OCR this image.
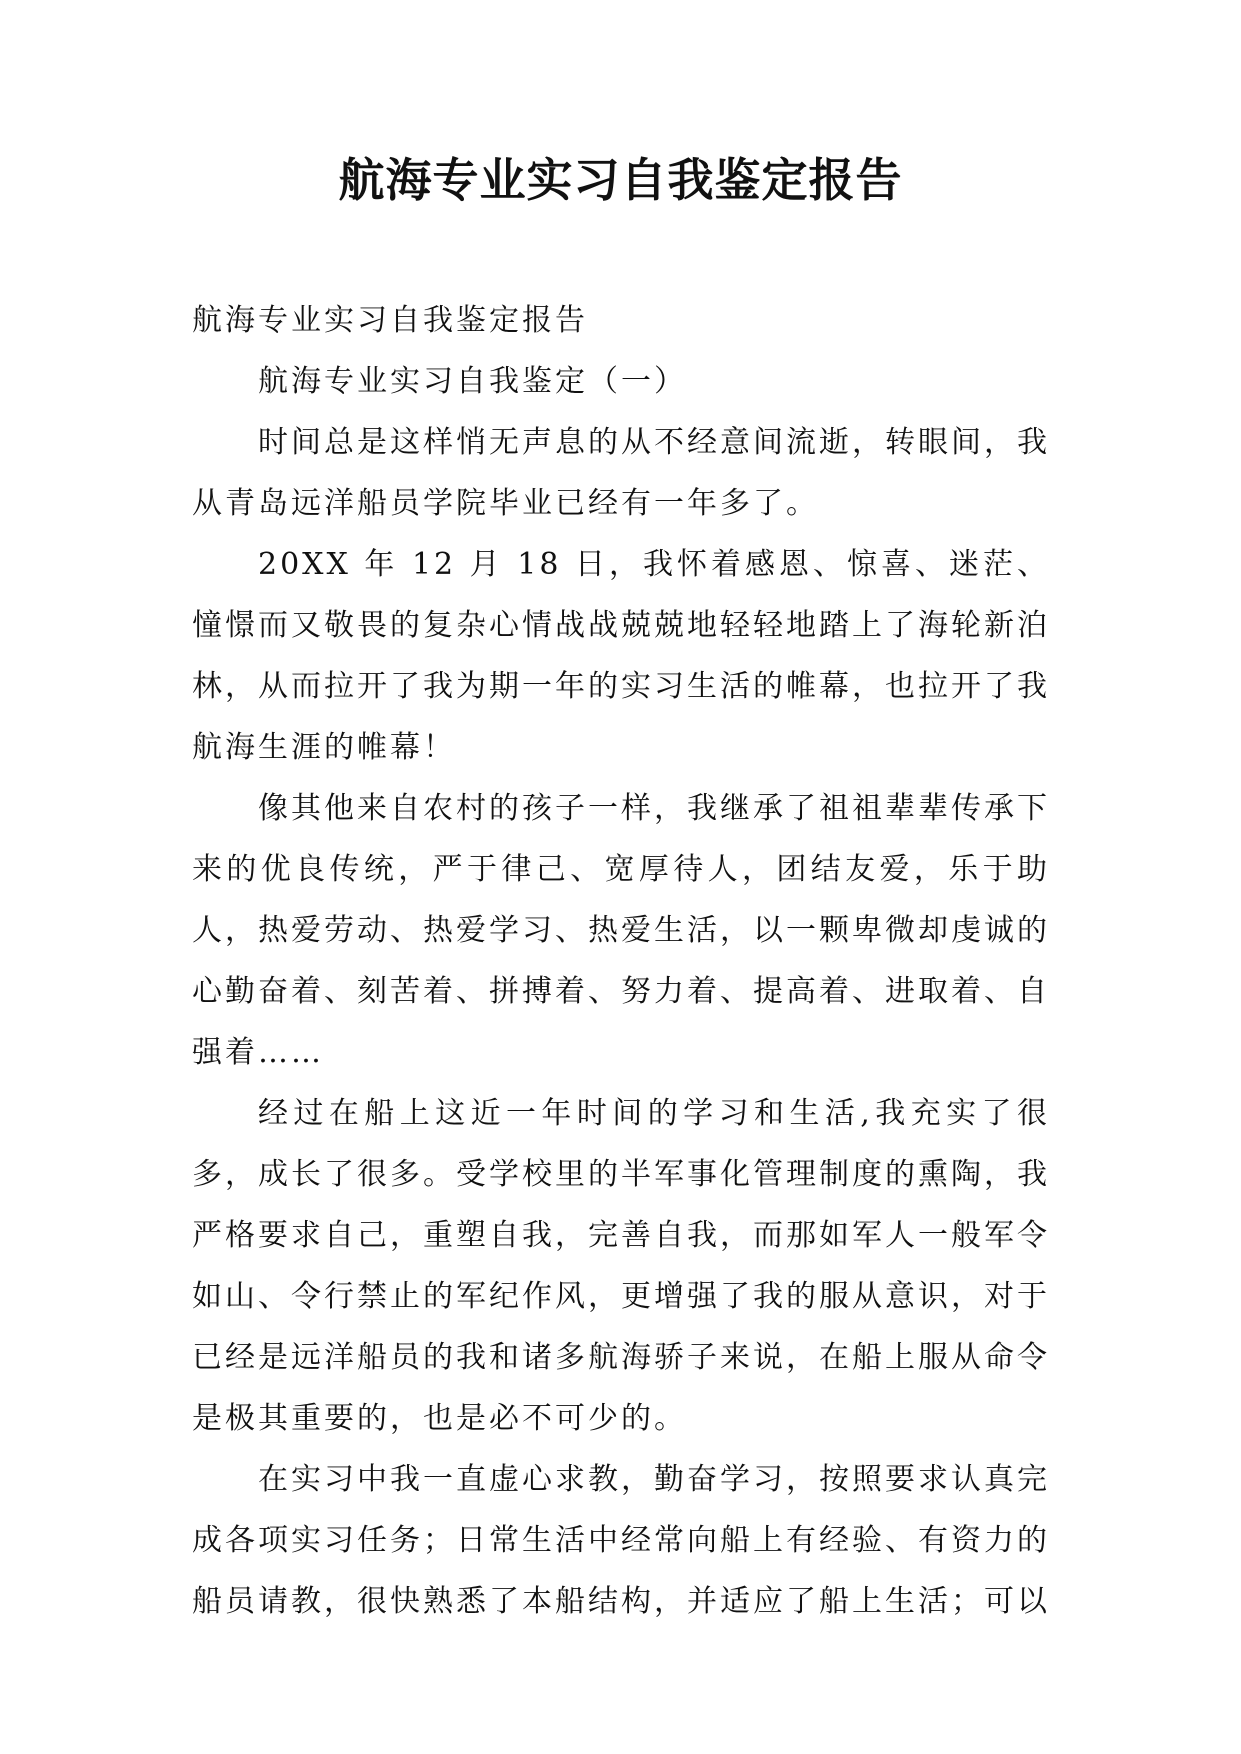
航海专业实习自我鉴定报告

航海专业实习自我鉴定报告

航海专业实习自我鉴定（一）

时间总是这样悄无声息的从不经意间流逝，转眼间，我从青岛远洋船员学院毕业已经有一年多了。

20XX 年 12 月 18 日，我怀着感恩、惊喜、迷茫、憧憬而又敬畏的复杂心情战战兢兢地轻轻地踏上了海轮新泊林，从而拉开了我为期一年的实习生活的帷幕，也拉开了我航海生涯的帷幕！

像其他来自农村的孩子一样，我继承了祖祖辈辈传承下来的优良传统，严于律己、宽厚待人，团结友爱，乐于助人，热爱劳动、热爱学习、热爱生活，以一颗卑微却虔诚的心勤奋着、刻苦着、拼搏着、努力着、提高着、进取着、自强着……

经过在船上这近一年时间的学习和生活,我充实了很多，成长了很多。受学校里的半军事化管理制度的熏陶，我严格要求自己，重塑自我，完善自我，而那如军人一般军令如山、令行禁止的军纪作风，更增强了我的服从意识，对于已经是远洋船员的我和诸多航海骄子来说，在船上服从命令是极其重要的，也是必不可少的。

在实习中我一直虚心求教，勤奋学习，按照要求认真完成各项实习任务；日常生活中经常向船上有经验、有资力的船员请教，很快熟悉了本船结构，并适应了船上生活；可以
